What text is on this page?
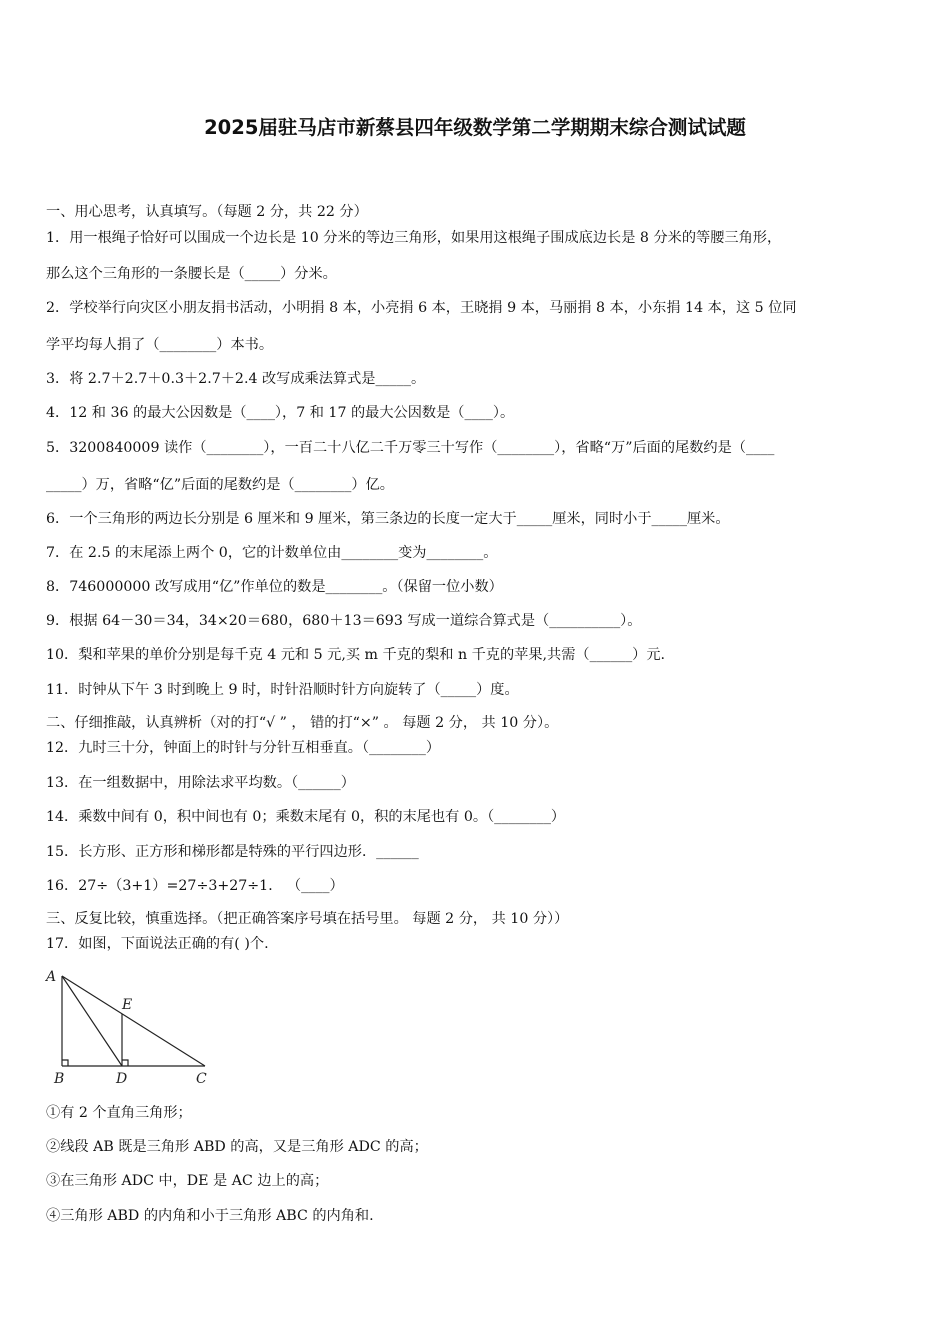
2025届驻马店市新蔡县四年级数学第二学期期末综合测试试题
一、用心思考，认真填写。（每题 2 分，共 22 分）
1．用一根绳子恰好可以围成一个边长是 10 分米的等边三角形，如果用这根绳子围成底边长是 8 分米的等腰三角形，
那么这个三角形的一条腰长是（_____）分米。
2．学校举行向灾区小朋友捐书活动，小明捐 8 本，小亮捐 6 本，王晓捐 9 本，马丽捐 8 本，小东捐 14 本，这 5 位同
学平均每人捐了（________）本书。
3．将 2.7＋2.7＋0.3＋2.7＋2.4 改写成乘法算式是_____。
4．12 和 36 的最大公因数是（____），7 和 17 的最大公因数是（____）。
5．3200840009 读作（________），一百二十八亿二千万零三十写作（________），省略“万”后面的尾数约是（____
_____）万，省略“亿”后面的尾数约是（________）亿。
6．一个三角形的两边长分别是 6 厘米和 9 厘米，第三条边的长度一定大于_____厘米，同时小于_____厘米。
7．在 2.5 的末尾添上两个 0，它的计数单位由________变为________。
8．746000000 改写成用“亿”作单位的数是________。（保留一位小数）
9．根据 64－30＝34，34×20＝680，680＋13＝693 写成一道综合算式是（__________）。
10．梨和苹果的单价分别是每千克 4 元和 5 元,买 m 千克的梨和 n 千克的苹果,共需（______）元.
11．时钟从下午 3 时到晚上 9 时，时针沿顺时针方向旋转了（_____）度。
二、仔细推敲，认真辨析（对的打“√ ” ， 错的打“×” 。 每题 2 分， 共 10 分）。
12．九时三十分，钟面上的时针与分针互相垂直。（________）
13．在一组数据中，用除法求平均数。（______）
14．乘数中间有 0，积中间也有 0；乘数末尾有 0，积的末尾也有 0。（________）
15．长方形、正方形和梯形都是特殊的平行四边形．______
16．27÷（3+1）=27÷3+27÷1． （____）
三、反复比较，慎重选择。（把正确答案序号填在括号里。 每题 2 分， 共 10 分））
17．如图，下面说法正确的有( )个.
A
E
B	D	C
①有 2 个直角三角形；
②线段 AB 既是三角形 ABD 的高，又是三角形 ADC 的高；
③在三角形 ADC 中，DE 是 AC 边上的高；
④三角形 ABD 的内角和小于三角形 ABC 的内角和.
